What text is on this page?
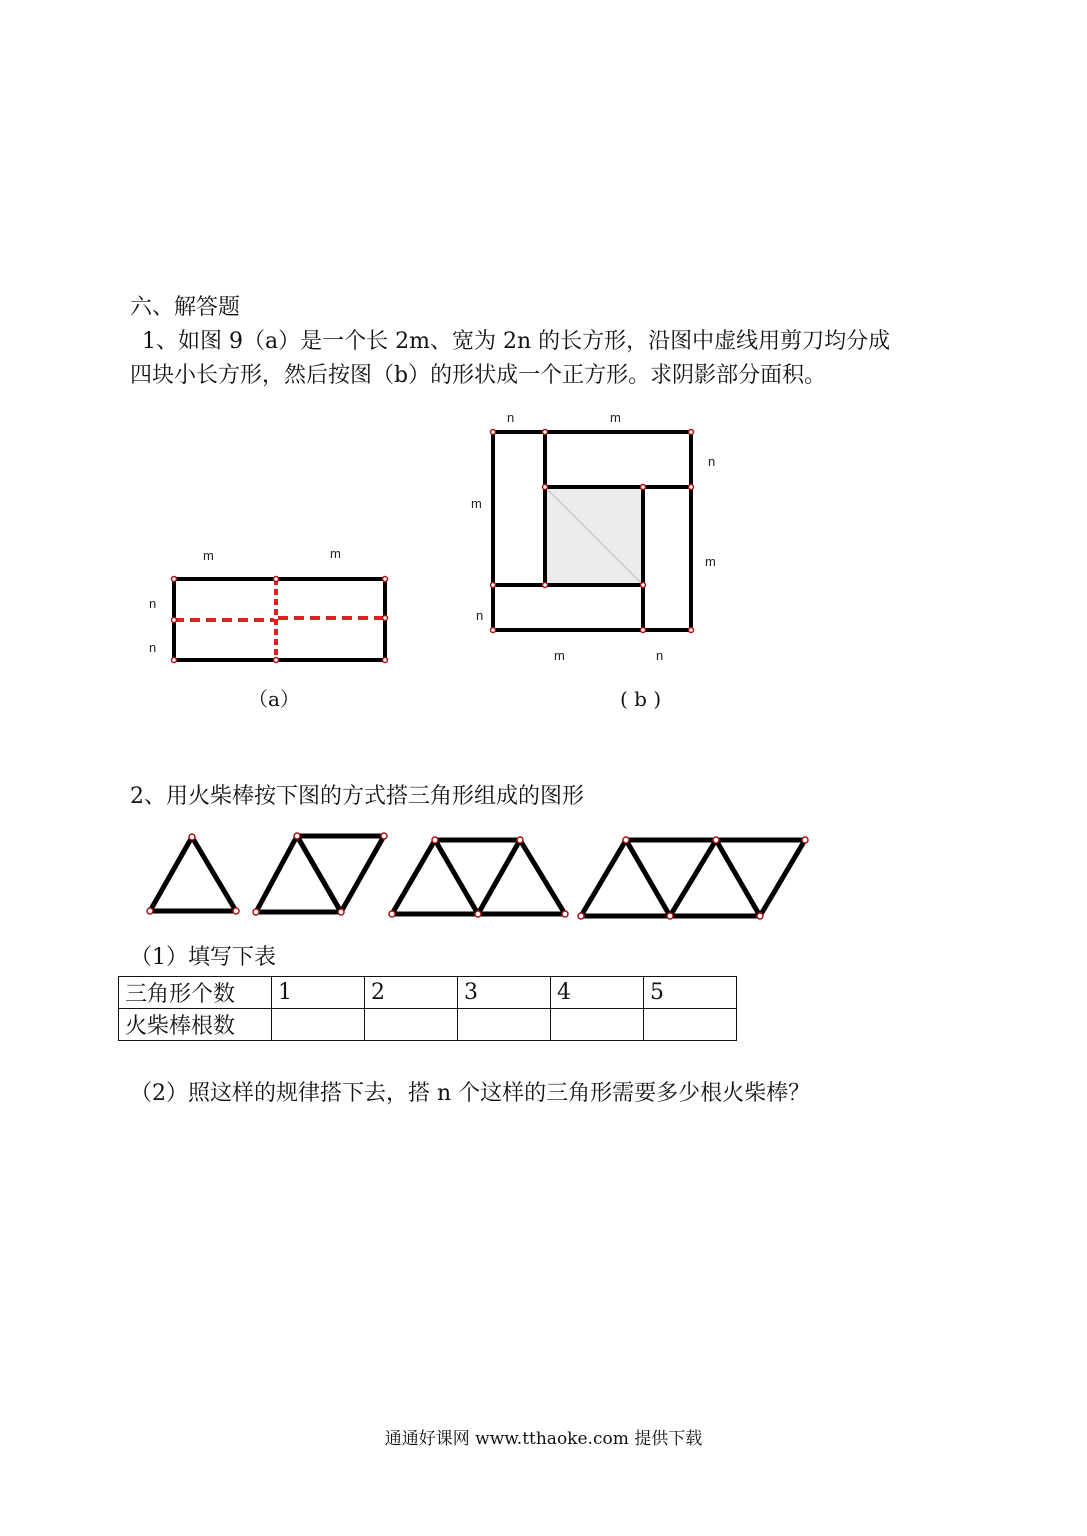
六、解答题
1、如图 9（a）是一个长 2m、宽为 2n 的长方形，沿图中虚线用剪刀均分成
四块小长方形，然后按图（b）的形状成一个正方形。求阴影部分面积。
m	m
n
n
（a）
n	m
n
m
m
n
m	n
( b )
2、用火柴棒按下图的方式搭三角形组成的图形
（1）填写下表
三角形个数	1	2	3	4	5
火柴棒根数					
（2）照这样的规律搭下去，搭 n 个这样的三角形需要多少根火柴棒？
通通好课网 www.tthaoke.com 提供下载
